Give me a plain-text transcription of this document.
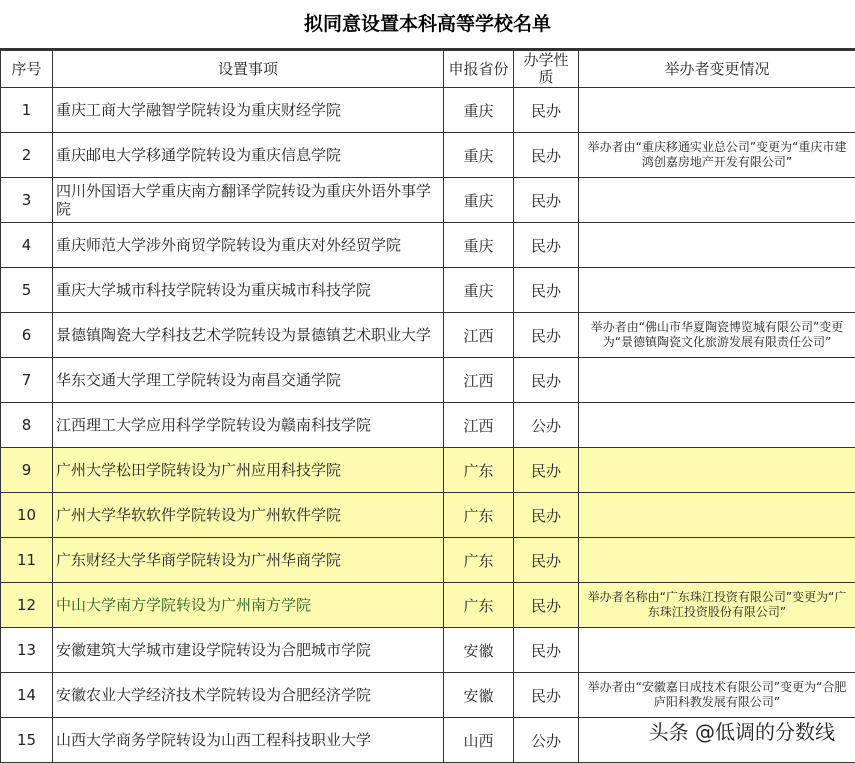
拟同意设置本科高等学校名单
序号	设置事项	申报省份	办学性质	举办者变更情况
1	重庆工商大学融智学院转设为重庆财经学院	重庆	民办	
2	重庆邮电大学移通学院转设为重庆信息学院	重庆	民办	举办者由“重庆移通实业总公司”变更为“重庆市建鸿创嘉房地产开发有限公司”
3	四川外国语大学重庆南方翻译学院转设为重庆外语外事学院	重庆	民办	
4	重庆师范大学涉外商贸学院转设为重庆对外经贸学院	重庆	民办	
5	重庆大学城市科技学院转设为重庆城市科技学院	重庆	民办	
6	景德镇陶瓷大学科技艺术学院转设为景德镇艺术职业大学	江西	民办	举办者由“佛山市华夏陶瓷博览城有限公司”变更为“景德镇陶瓷文化旅游发展有限责任公司”
7	华东交通大学理工学院转设为南昌交通学院	江西	民办	
8	江西理工大学应用科学学院转设为赣南科技学院	江西	公办	
9	广州大学松田学院转设为广州应用科技学院	广东	民办	
10	广州大学华软软件学院转设为广州软件学院	广东	民办	
11	广东财经大学华商学院转设为广州华商学院	广东	民办	
12	中山大学南方学院转设为广州南方学院	广东	民办	举办者名称由“广东珠江投资有限公司”变更为“广东珠江投资股份有限公司”
13	安徽建筑大学城市建设学院转设为合肥城市学院	安徽	民办	
14	安徽农业大学经济技术学院转设为合肥经济学院	安徽	民办	举办者由“安徽嘉日成技术有限公司”变更为“合肥庐阳科教发展有限公司”
15	山西大学商务学院转设为山西工程科技职业大学	山西	公办		头条 @低调的分数线
